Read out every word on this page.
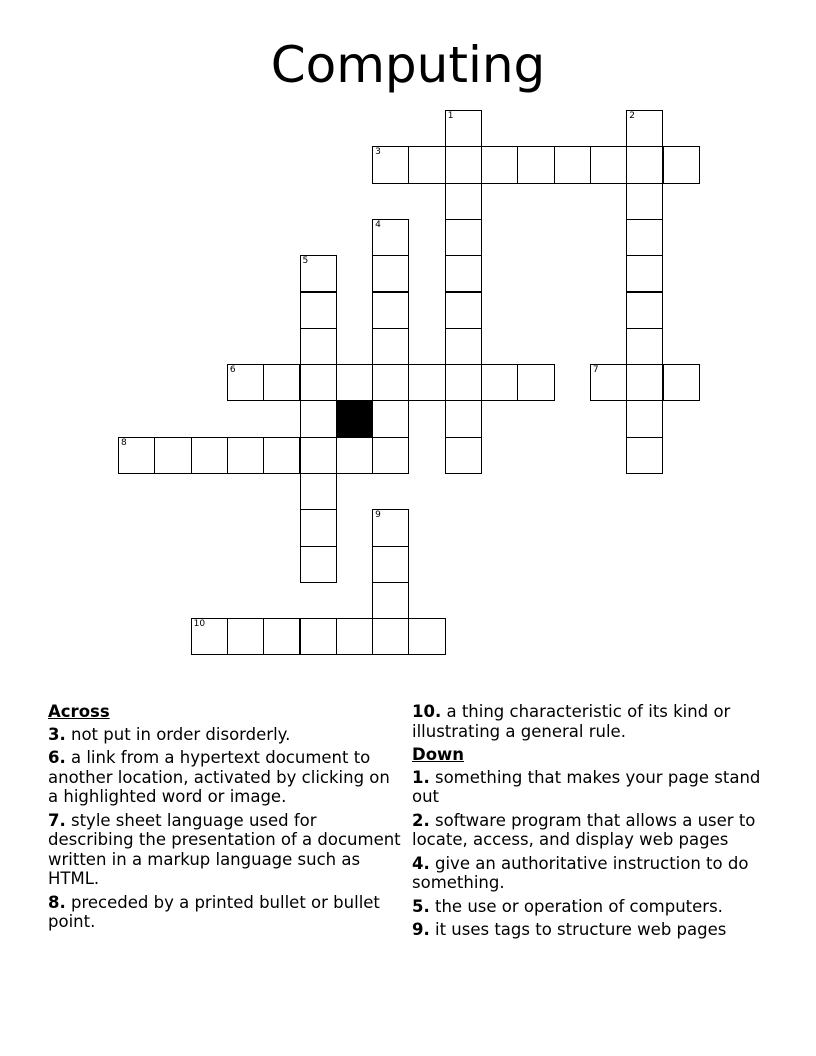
Computing
1	2
3
4
5
6	7
8
9
10
Across
3. not put in order disorderly.
6. a link from a hypertext document to another location, activated by clicking on a highlighted word or image.
7. style sheet language used for describing the presentation of a document written in a markup language such as HTML.
8. preceded by a printed bullet or bullet point.
10. a thing characteristic of its kind or illustrating a general rule.
Down
1. something that makes your page stand out
2. software program that allows a user to locate, access, and display web pages
4. give an authoritative instruction to do something.
5. the use or operation of computers.
9. it uses tags to structure web pages
